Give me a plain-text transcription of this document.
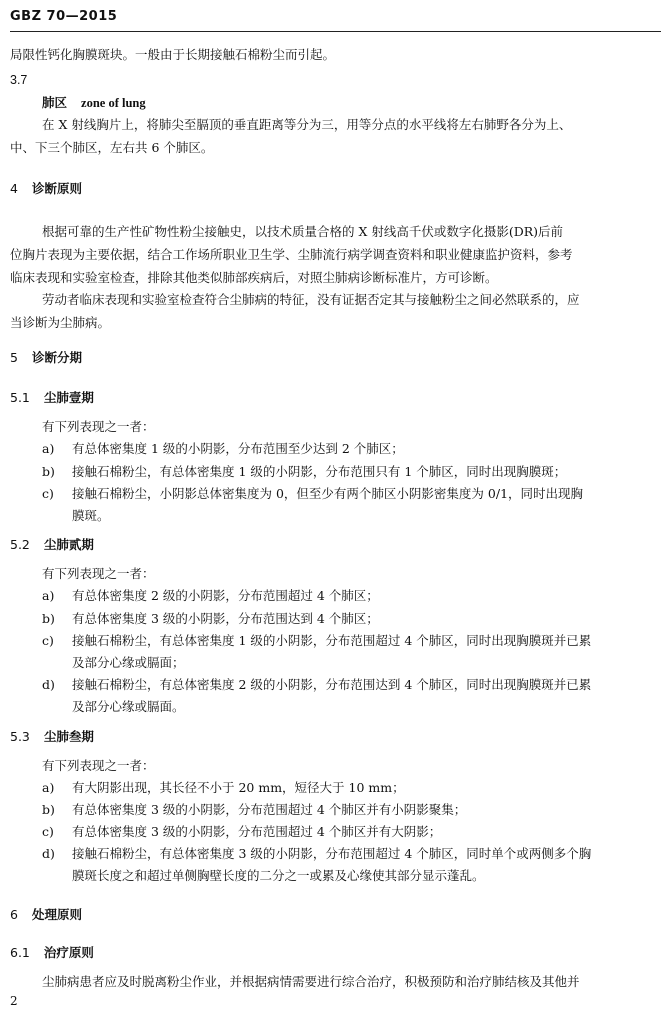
GBZ 70—2015
局限性钙化胸膜斑块。一般由于长期接触石棉粉尘而引起。
3.7
肺区 zone of lung
在 X 射线胸片上，将肺尖至膈顶的垂直距离等分为三，用等分点的水平线将左右肺野各分为上、
中、下三个肺区，左右共 6 个肺区。
4 诊断原则
根据可靠的生产性矿物性粉尘接触史，以技术质量合格的 X 射线高千伏或数字化摄影(DR)后前
位胸片表现为主要依据，结合工作场所职业卫生学、尘肺流行病学调查资料和职业健康监护资料，参考
临床表现和实验室检查，排除其他类似肺部疾病后，对照尘肺病诊断标准片，方可诊断。
劳动者临床表现和实验室检查符合尘肺病的特征，没有证据否定其与接触粉尘之间必然联系的，应
当诊断为尘肺病。
5 诊断分期
5.1 尘肺壹期
有下列表现之一者：
a) 有总体密集度 1 级的小阴影，分布范围至少达到 2 个肺区；
b) 接触石棉粉尘，有总体密集度 1 级的小阴影，分布范围只有 1 个肺区，同时出现胸膜斑；
c) 接触石棉粉尘，小阴影总体密集度为 0，但至少有两个肺区小阴影密集度为 0/1，同时出现胸
膜斑。
5.2 尘肺贰期
有下列表现之一者：
a) 有总体密集度 2 级的小阴影，分布范围超过 4 个肺区；
b) 有总体密集度 3 级的小阴影，分布范围达到 4 个肺区；
c) 接触石棉粉尘，有总体密集度 1 级的小阴影，分布范围超过 4 个肺区，同时出现胸膜斑并已累
及部分心缘或膈面；
d) 接触石棉粉尘，有总体密集度 2 级的小阴影，分布范围达到 4 个肺区，同时出现胸膜斑并已累
及部分心缘或膈面。
5.3 尘肺叁期
有下列表现之一者：
a) 有大阴影出现，其长径不小于 20 mm，短径大于 10 mm；
b) 有总体密集度 3 级的小阴影，分布范围超过 4 个肺区并有小阴影聚集；
c) 有总体密集度 3 级的小阴影，分布范围超过 4 个肺区并有大阴影；
d) 接触石棉粉尘，有总体密集度 3 级的小阴影，分布范围超过 4 个肺区，同时单个或两侧多个胸
膜斑长度之和超过单侧胸壁长度的二分之一或累及心缘使其部分显示蓬乱。
6 处理原则
6.1 治疗原则
尘肺病患者应及时脱离粉尘作业，并根据病情需要进行综合治疗，积极预防和治疗肺结核及其他并
2
